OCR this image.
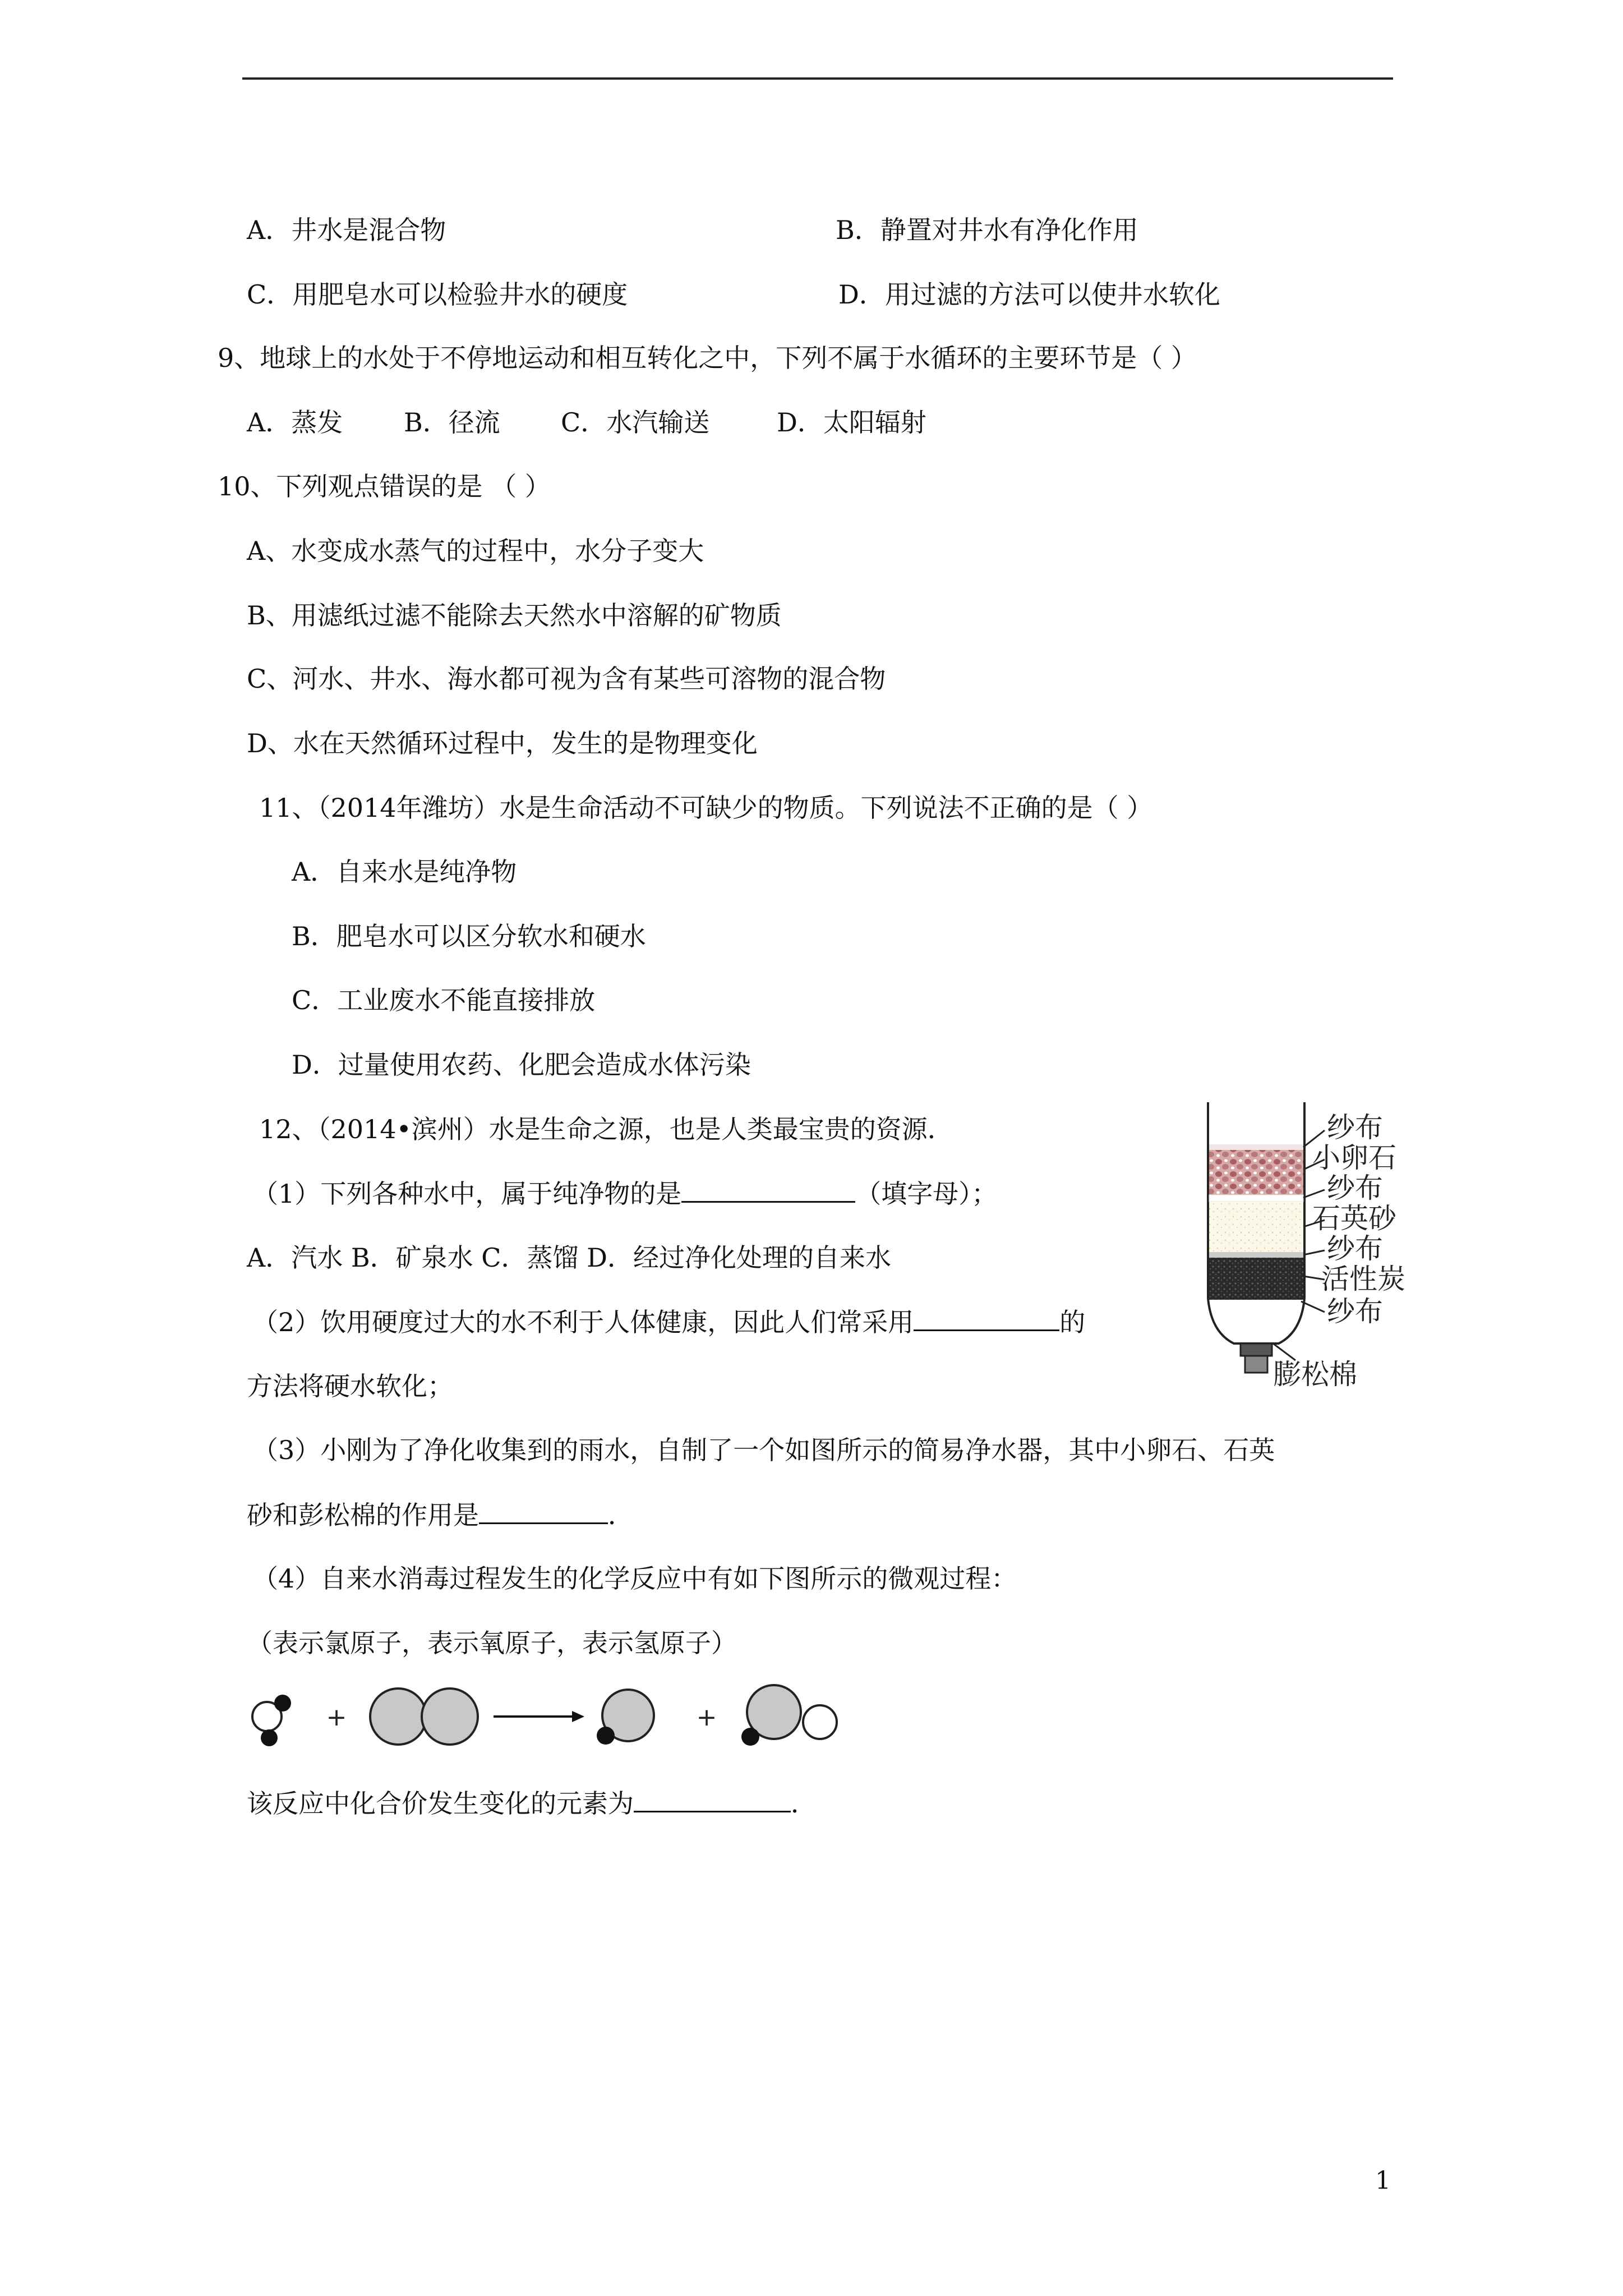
A．井水是混合物	B．静置对井水有净化作用
C．用肥皂水可以检验井水的硬度	D．用过滤的方法可以使井水软化
9、地球上的水处于不停地运动和相互转化之中，下列不属于水循环的主要环节是（ ）
A．蒸发 B．径流 C．水汽输送	D．太阳辐射
10、下列观点错误的是 （ ）
A、水变成水蒸气的过程中，水分子变大
B、用滤纸过滤不能除去天然水中溶解的矿物质
C、河水、井水、海水都可视为含有某些可溶物的混合物
D、水在天然循环过程中，发生的是物理变化
11、（2014年潍坊）水是生命活动不可缺少的物质。下列说法不正确的是（ ）
A．自来水是纯净物
B．肥皂水可以区分软水和硬水
C．工业废水不能直接排放
D．过量使用农药、化肥会造成水体污染
12、（2014•滨州）水是生命之源，也是人类最宝贵的资源．
（1）下列各种水中，属于纯净物的是	（填字母）；
A．汽水 B．矿泉水 C．蒸馏 D．经过净化处理的自来水
（2）饮用硬度过大的水不利于人体健康，因此人们常采用	的
方法将硬水软化；
（3）小刚为了净化收集到的雨水，自制了一个如图所示的简易净水器，其中小卵石、石英
砂和彭松棉的作用是	．
（4）自来水消毒过程发生的化学反应中有如下图所示的微观过程：
（表示氯原子，表示氧原子，表示氢原子）
+	+
该反应中化合价发生变化的元素为	．
纱布
小卵石
纱布
石英砂
纱布
活性炭
纱布
膨松棉
1
